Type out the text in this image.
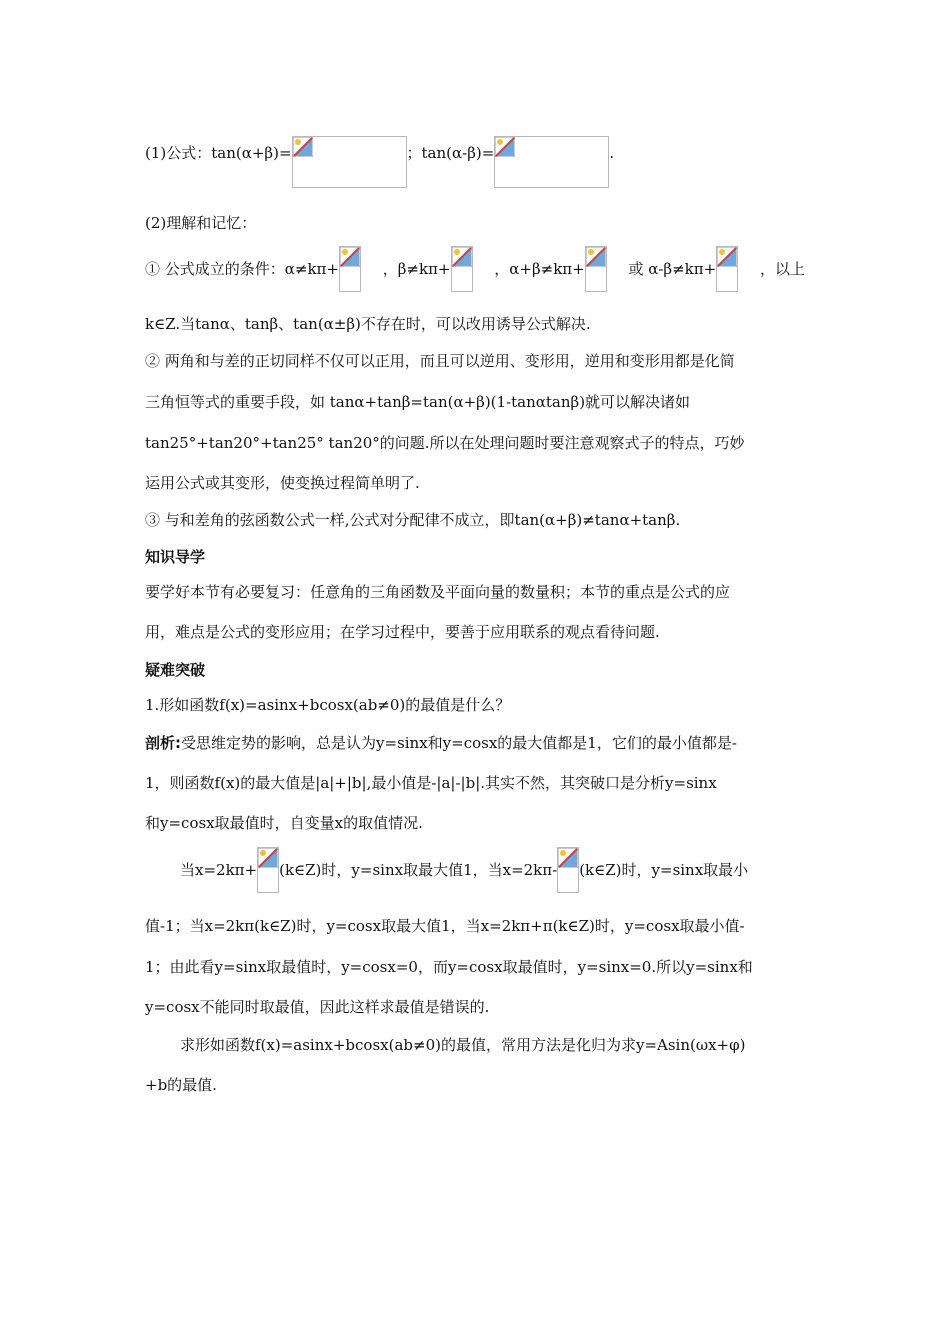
(1)公式：tan(α+β)=	；tan(α-β)=	.
(2)理解和记忆：
① 公式成立的条件：α≠kπ+	，β≠kπ+	，α+β≠kπ+	或 α-β≠kπ+	，以上
k∈Z.当tanα、tanβ、tan(α±β)不存在时，可以改用诱导公式解决.
② 两角和与差的正切同样不仅可以正用，而且可以逆用、变形用，逆用和变形用都是化简
三角恒等式的重要手段，如 tanα+tanβ=tan(α+β)(1-tanαtanβ)就可以解决诸如
tan25°+tan20°+tan25° tan20°的问题.所以在处理问题时要注意观察式子的特点，巧妙
运用公式或其变形，使变换过程简单明了.
③ 与和差角的弦函数公式一样,公式对分配律不成立，即tan(α+β)≠tanα+tanβ.
知识导学
要学好本节有必要复习：任意角的三角函数及平面向量的数量积；本节的重点是公式的应
用，难点是公式的变形应用；在学习过程中，要善于应用联系的观点看待问题.
疑难突破
1.形如函数f(x)=asinx+bcosx(ab≠0)的最值是什么？
剖析:受思维定势的影响，总是认为y=sinx和y=cosx的最大值都是1，它们的最小值都是-
1，则函数f(x)的最大值是|a|+|b|,最小值是-|a|-|b|.其实不然，其突破口是分析y=sinx
和y=cosx取最值时，自变量x的取值情况.
当x=2kπ+ (k∈Z)时，y=sinx取最大值1，当x=2kπ- (k∈Z)时，y=sinx取最小
值-1；当x=2kπ(k∈Z)时，y=cosx取最大值1，当x=2kπ+π(k∈Z)时，y=cosx取最小值-
1；由此看y=sinx取最值时，y=cosx=0，而y=cosx取最值时，y=sinx=0.所以y=sinx和
y=cosx不能同时取最值，因此这样求最值是错误的.
求形如函数f(x)=asinx+bcosx(ab≠0)的最值，常用方法是化归为求y=Asin(ωx+φ)
+b的最值.
